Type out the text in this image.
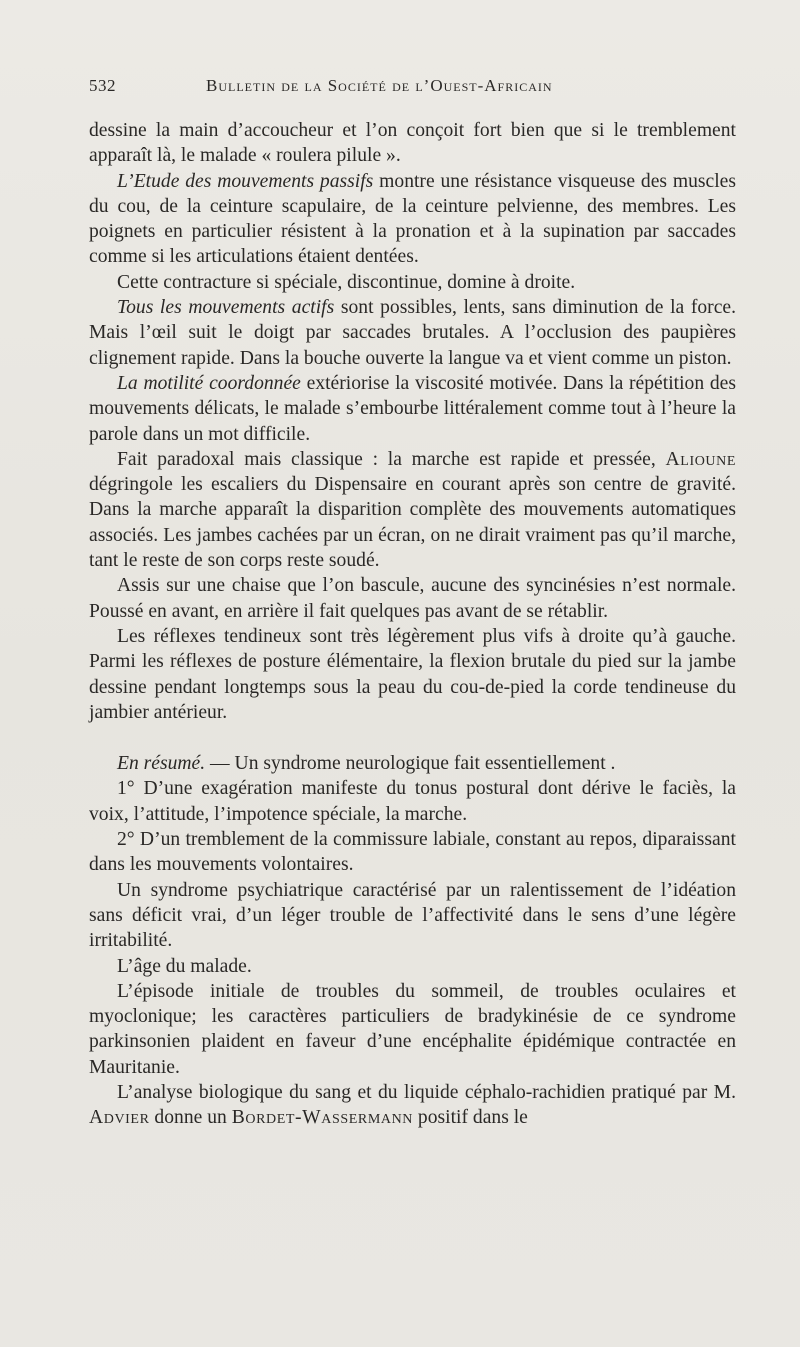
532	Bulletin de la Société de l’Ouest-Africain

dessine la main d’accoucheur et l’on conçoit fort bien que si le tremblement apparaît là, le malade « roulera pilule ».

L’Etude des mouvements passifs montre une résistance visqueuse des muscles du cou, de la ceinture scapulaire, de la ceinture pelvienne, des membres. Les poignets en particulier résistent à la pronation et à la supination par saccades comme si les articulations étaient dentées.

Cette contracture si spéciale, discontinue, domine à droite.

Tous les mouvements actifs sont possibles, lents, sans diminution de la force. Mais l’œil suit le doigt par saccades brutales. A l’occlusion des paupières clignement rapide. Dans la bouche ouverte la langue va et vient comme un piston.

La motilité coordonnée extériorise la viscosité motivée. Dans la répétition des mouvements délicats, le malade s’embourbe littéralement comme tout à l’heure la parole dans un mot difficile.

Fait paradoxal mais classique : la marche est rapide et pressée, Alioune dégringole les escaliers du Dispensaire en courant après son centre de gravité. Dans la marche apparaît la disparition complète des mouvements automatiques associés. Les jambes cachées par un écran, on ne dirait vraiment pas qu’il marche, tant le reste de son corps reste soudé.

Assis sur une chaise que l’on bascule, aucune des syncinésies n’est normale. Poussé en avant, en arrière il fait quelques pas avant de se rétablir.

Les réflexes tendineux sont très légèrement plus vifs à droite qu’à gauche. Parmi les réflexes de posture élémentaire, la flexion brutale du pied sur la jambe dessine pendant longtemps sous la peau du cou-de-pied la corde tendineuse du jambier antérieur.

En résumé. — Un syndrome neurologique fait essentiellement .

1° D’une exagération manifeste du tonus postural dont dérive le faciès, la voix, l’attitude, l’impotence spéciale, la marche.

2° D’un tremblement de la commissure labiale, constant au repos, diparaissant dans les mouvements volontaires.

Un syndrome psychiatrique caractérisé par un ralentissement de l’idéation sans déficit vrai, d’un léger trouble de l’affectivité dans le sens d’une légère irritabilité.

L’âge du malade.

L’épisode initiale de troubles du sommeil, de troubles oculaires et myoclonique; les caractères particuliers de bradykinésie de ce syndrome parkinsonien plaident en faveur d’une encéphalite épidémique contractée en Mauritanie.

L’analyse biologique du sang et du liquide céphalo-rachidien pratiqué par M. Advier donne un Bordet-Wassermann positif dans le
